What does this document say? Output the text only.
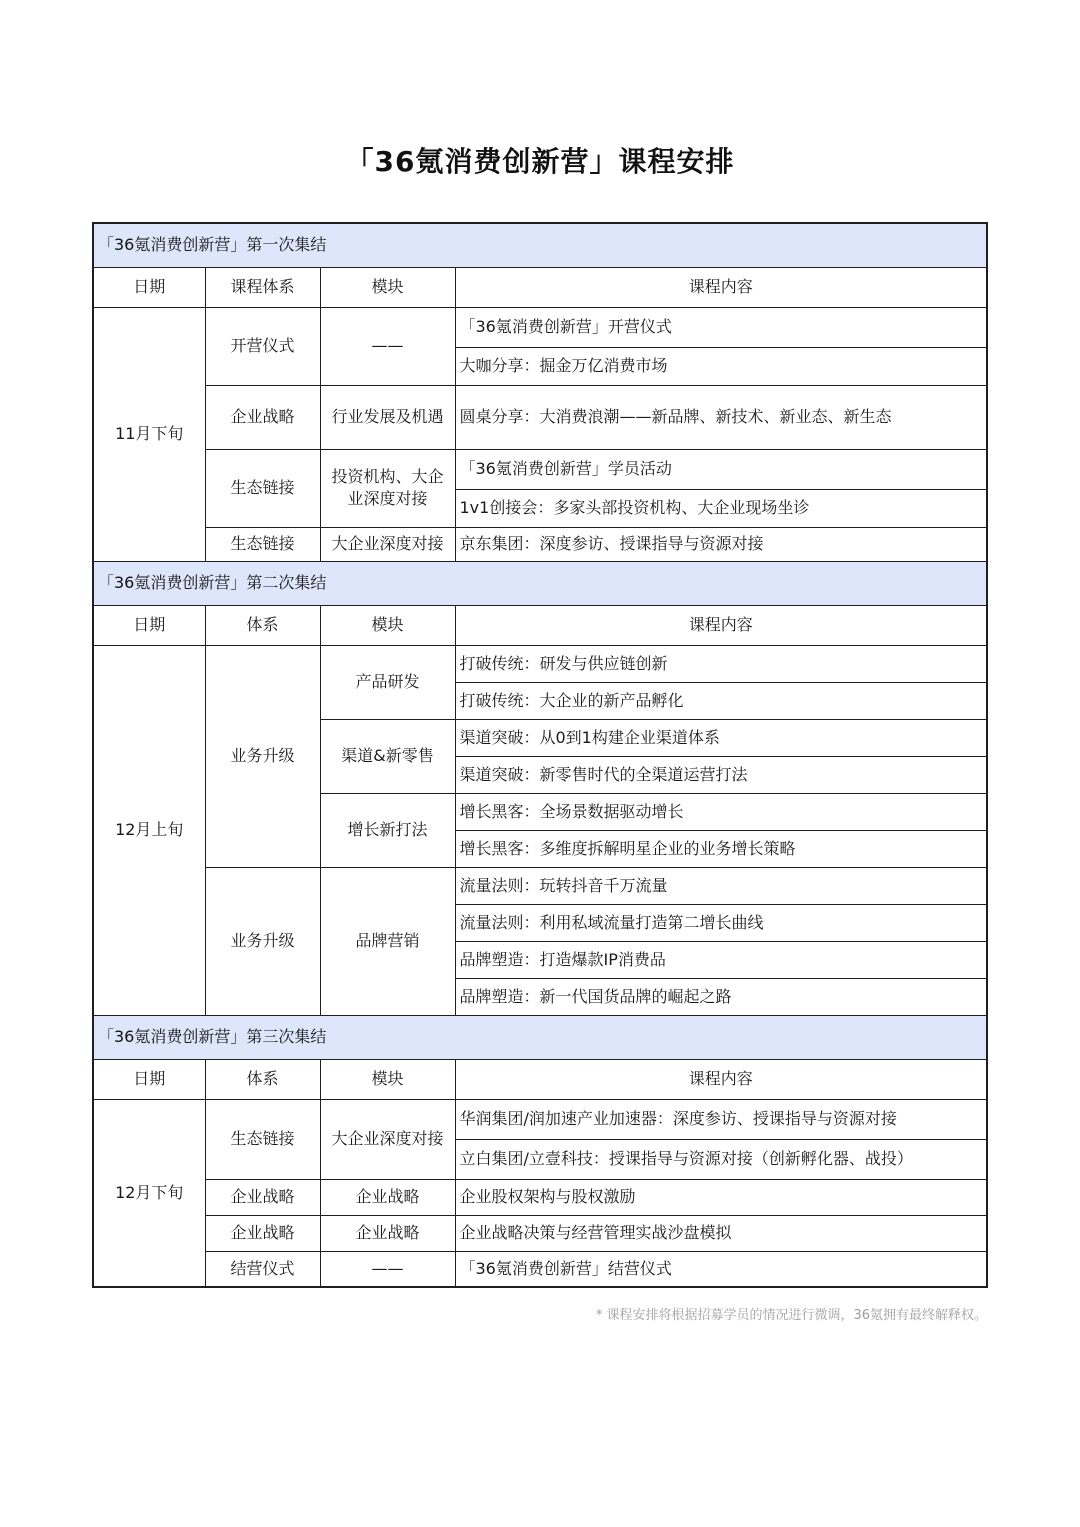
「36氪消费创新营」课程安排
「36氪消费创新营」第一次集结			
日期	课程体系	模块	课程内容
11月下旬	开营仪式	——	「36氪消费创新营」开营仪式
			大咖分享：掘金万亿消费市场
	企业战略	行业发展及机遇	圆桌分享：大消费浪潮——新品牌、新技术、新业态、新生态
	生态链接	投资机构、大企业深度对接	「36氪消费创新营」学员活动
			1v1创接会：多家头部投资机构、大企业现场坐诊
	生态链接	大企业深度对接	京东集团：深度参访、授课指导与资源对接
「36氪消费创新营」第二次集结			
日期	体系	模块	课程内容
12月上旬	业务升级	产品研发	打破传统：研发与供应链创新
			打破传统：大企业的新产品孵化
		渠道&新零售	渠道突破：从0到1构建企业渠道体系
			渠道突破：新零售时代的全渠道运营打法
		增长新打法	增长黑客：全场景数据驱动增长
			增长黑客：多维度拆解明星企业的业务增长策略
	业务升级	品牌营销	流量法则：玩转抖音千万流量
			流量法则：利用私域流量打造第二增长曲线
			品牌塑造：打造爆款IP消费品
			品牌塑造：新一代国货品牌的崛起之路
「36氪消费创新营」第三次集结			
日期	体系	模块	课程内容
12月下旬	生态链接	大企业深度对接	华润集团/润加速产业加速器：深度参访、授课指导与资源对接
			立白集团/立壹科技：授课指导与资源对接（创新孵化器、战投）
	企业战略	企业战略	企业股权架构与股权激励
	企业战略	企业战略	企业战略决策与经营管理实战沙盘模拟
	结营仪式	——	「36氪消费创新营」结营仪式
* 课程安排将根据招募学员的情况进行微调，36氪拥有最终解释权。
